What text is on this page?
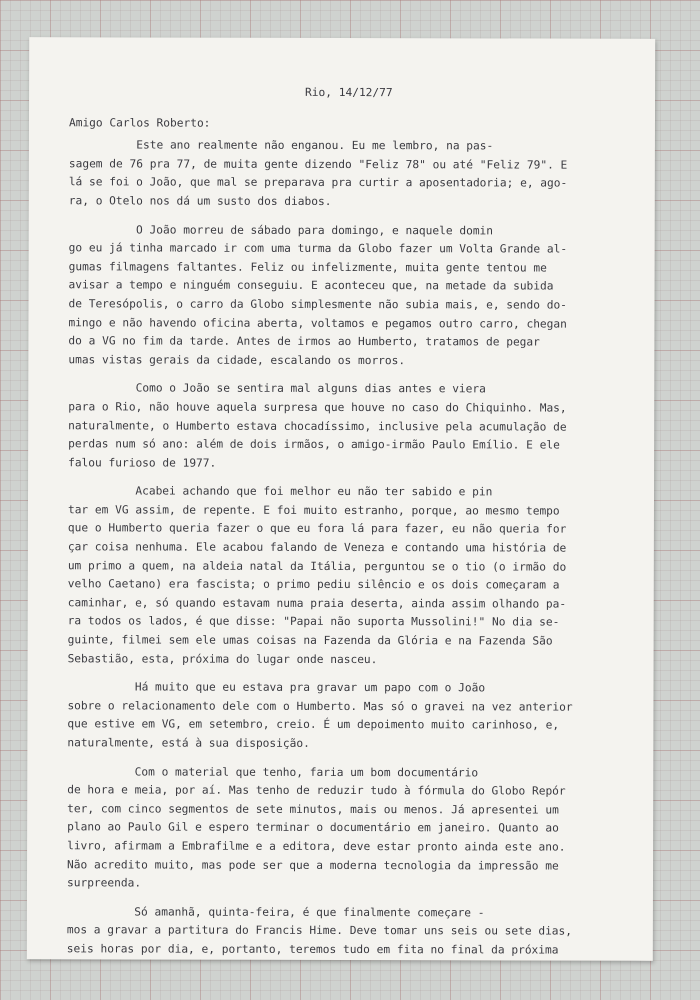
Rio, 14/12/77
Amigo Carlos Roberto:
Este ano realmente não enganou. Eu me lembro, na pas-
sagem de 76 pra 77, de muita gente dizendo "Feliz 78" ou até "Feliz 79". E
lá se foi o João, que mal se preparava pra curtir a aposentadoria; e, ago-
ra, o Otelo nos dá um susto dos diabos.
O João morreu de sábado para domingo, e naquele domin
go eu já tinha marcado ir com uma turma da Globo fazer um Volta Grande al-
gumas filmagens faltantes. Feliz ou infelizmente, muita gente tentou me
avisar a tempo e ninguém conseguiu. E aconteceu que, na metade da subida
de Teresópolis, o carro da Globo simplesmente não subia mais, e, sendo do-
mingo e não havendo oficina aberta, voltamos e pegamos outro carro, chegan
do a VG no fim da tarde. Antes de irmos ao Humberto, tratamos de pegar
umas vistas gerais da cidade, escalando os morros.
Como o João se sentira mal alguns dias antes e viera
para o Rio, não houve aquela surpresa que houve no caso do Chiquinho. Mas,
naturalmente, o Humberto estava chocadíssimo, inclusive pela acumulação de
perdas num só ano: além de dois irmãos, o amigo-irmão Paulo Emílio. E ele
falou furioso de 1977.
Acabei achando que foi melhor eu não ter sabido e pin
tar em VG assim, de repente. E foi muito estranho, porque, ao mesmo tempo
que o Humberto queria fazer o que eu fora lá para fazer, eu não queria for
çar coisa nenhuma. Ele acabou falando de Veneza e contando uma história de
um primo a quem, na aldeia natal da Itália, perguntou se o tio (o irmão do
velho Caetano) era fascista; o primo pediu silêncio e os dois começaram a
caminhar, e, só quando estavam numa praia deserta, ainda assim olhando pa-
ra todos os lados, é que disse: "Papai não suporta Mussolini!" No dia se-
guinte, filmei sem ele umas coisas na Fazenda da Glória e na Fazenda São
Sebastião, esta, próxima do lugar onde nasceu.
Há muito que eu estava pra gravar um papo com o João
sobre o relacionamento dele com o Humberto. Mas só o gravei na vez anterior
que estive em VG, em setembro, creio. É um depoimento muito carinhoso, e,
naturalmente, está à sua disposição.
Com o material que tenho, faria um bom documentário
de hora e meia, por aí. Mas tenho de reduzir tudo à fórmula do Globo Repór
ter, com cinco segmentos de sete minutos, mais ou menos. Já apresentei um
plano ao Paulo Gil e espero terminar o documentário em janeiro. Quanto ao
livro, afirmam a Embrafilme e a editora, deve estar pronto ainda este ano.
Não acredito muito, mas pode ser que a moderna tecnologia da impressão me
surpreenda.
Só amanhã, quinta-feira, é que finalmente começare -
mos a gravar a partitura do Francis Hime. Deve tomar uns seis ou sete dias,
seis horas por dia, e, portanto, teremos tudo em fita no final da próxima
